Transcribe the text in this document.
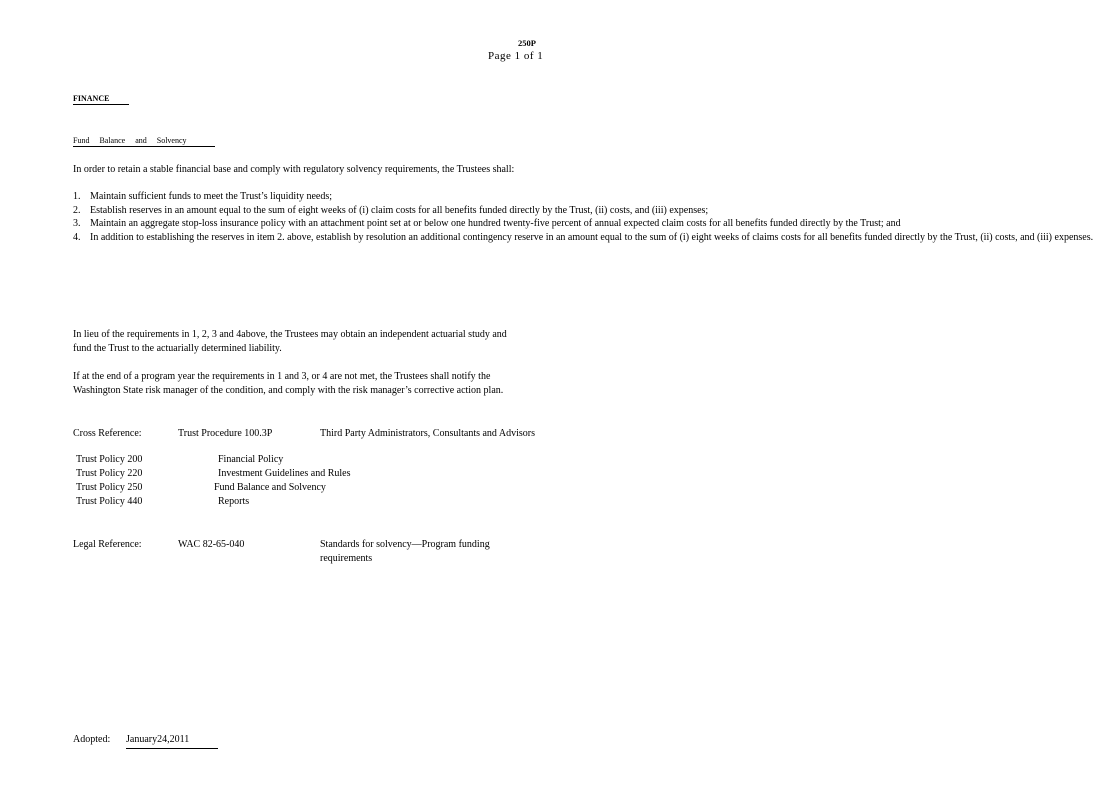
250P
Page 1 of 1
FINANCE
Fund Balance and Solvency

In order to retain a stable financial base and comply with regulatory solvency requirements, the Trustees shall:

1. Maintain sufficient funds to meet the Trust’s liquidity needs;
2. Establish reserves in an amount equal to the sum of eight weeks of (i) claim costs for all benefits funded directly by the Trust, (ii) costs, and (iii) expenses;
3. Maintain an aggregate stop-loss insurance policy with an attachment point set at or below one hundred twenty-five percent of annual expected claim costs for all benefits funded directly by the Trust; and
4. In addition to establishing the reserves in item 2. above, establish by resolution an additional contingency reserve in an amount equal to the sum of (i) eight weeks of claims costs for all benefits funded directly by the Trust, (ii) costs, and (iii) expenses.

In lieu of the requirements in 1, 2, 3 and 4above, the Trustees may obtain an independent actuarial study and fund the Trust to the actuarially determined liability.

If at the end of a program year the requirements in 1 and 3, or 4 are not met, the Trustees shall notify the Washington State risk manager of the condition, and comply with the risk manager’s corrective action plan.

Cross Reference:	Trust Procedure 100.3P	Third Party Administrators, Consultants and Advisors
Trust Policy 200	Financial Policy
Trust Policy 220	Investment Guidelines and Rules
Trust Policy 250	Fund Balance and Solvency
Trust Policy 440	Reports
Legal Reference:	WAC 82-65-040	Standards for solvency—Program funding requirements
Adopted: January24,2011
